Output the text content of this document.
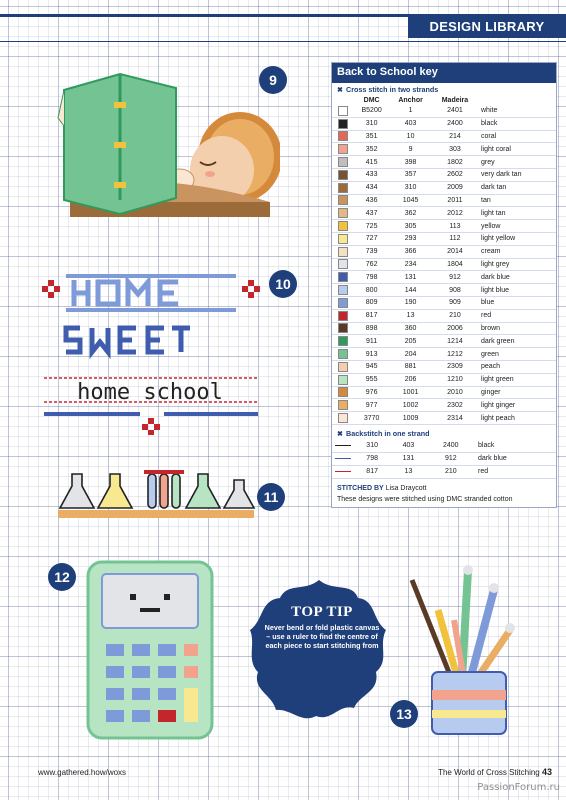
DESIGN LIBRARY
9
home school
10
11
12
TOP TIP
Never bend or fold plastic canvas – use a ruler to find the centre of each piece to start stitching from
13
Back to School key
✖ Cross stitch in two strands
	DMC	Anchor	Madeira	
	B5200	1	2401	white
	310	403	2400	black
	351	10	214	coral
	352	9	303	light coral
	415	398	1802	grey
	433	357	2602	very dark tan
	434	310	2009	dark tan
	436	1045	2011	tan
	437	362	2012	light tan
	725	305	113	yellow
	727	293	112	light yellow
	739	366	2014	cream
	762	234	1804	light grey
	798	131	912	dark blue
	800	144	908	light blue
	809	190	909	blue
	817	13	210	red
	898	360	2006	brown
	911	205	1214	dark green
	913	204	1212	green
	945	881	2309	peach
	955	206	1210	light green
	976	1001	2010	ginger
	977	1002	2302	light ginger
	3770	1009	2314	light peach
✖ Backstitch in one strand
	310	403	2400	black
	798	131	912	dark blue
	817	13	210	red
STITCHED BY Lisa Draycott
These designs were stitched using DMC stranded cotton
www.gathered.how/woxs	The World of Cross Stitching 43
PassionForum.ru
